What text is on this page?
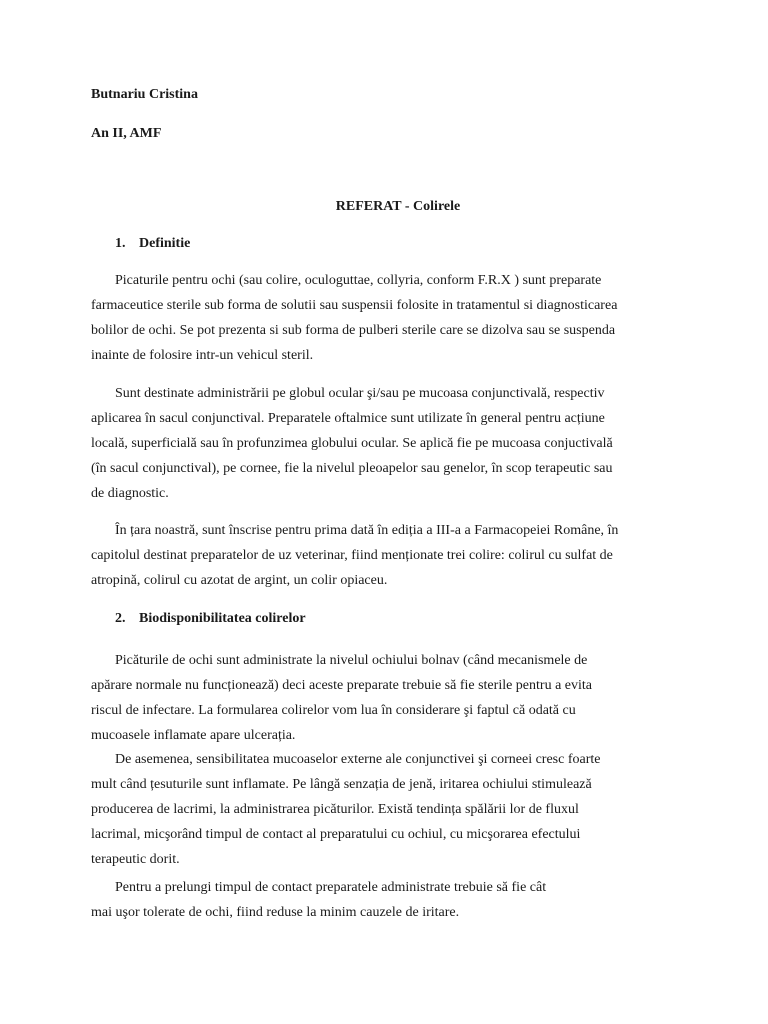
Butnariu Cristina
An II, AMF
REFERAT - Colirele
1. Definitie
Picaturile pentru ochi (sau colire, oculoguttae, collyria, conform F.R.X ) sunt preparate
farmaceutice sterile sub forma de solutii sau suspensii folosite in tratamentul si diagnosticarea
bolilor de ochi. Se pot prezenta si sub forma de pulberi sterile care se dizolva sau se suspenda
inainte de folosire intr-un vehicul steril.
Sunt destinate administrării pe globul ocular şi/sau pe mucoasa conjunctivală, respectiv
aplicarea în sacul conjunctival. Preparatele oftalmice sunt utilizate în general pentru acțiune
locală, superficială sau în profunzimea globului ocular. Se aplică fie pe mucoasa conjuctivală
(în sacul conjunctival), pe cornee, fie la nivelul pleoapelor sau genelor, în scop terapeutic sau
de diagnostic.
În țara noastră, sunt înscrise pentru prima dată în ediția a III-a a Farmacopeiei Române, în
capitolul destinat preparatelor de uz veterinar, fiind menționate trei colire: colirul cu sulfat de
atropină, colirul cu azotat de argint, un colir opiaceu.
2. Biodisponibilitatea colirelor
Picăturile de ochi sunt administrate la nivelul ochiului bolnav (când mecanismele de
apărare normale nu funcționează) deci aceste preparate trebuie să fie sterile pentru a evita
riscul de infectare. La formularea colirelor vom lua în considerare şi faptul că odată cu
mucoasele inflamate apare ulcerația.
De asemenea, sensibilitatea mucoaselor externe ale conjunctivei şi corneei cresc foarte
mult când țesuturile sunt inflamate. Pe lângă senzația de jenă, iritarea ochiului stimulează
producerea de lacrimi, la administrarea picăturilor. Există tendința spălării lor de fluxul
lacrimal, micşorând timpul de contact al preparatului cu ochiul, cu micşorarea efectului
terapeutic dorit.
Pentru a prelungi timpul de contact preparatele administrate trebuie să fie cât
mai uşor tolerate de ochi, fiind reduse la minim cauzele de iritare.
